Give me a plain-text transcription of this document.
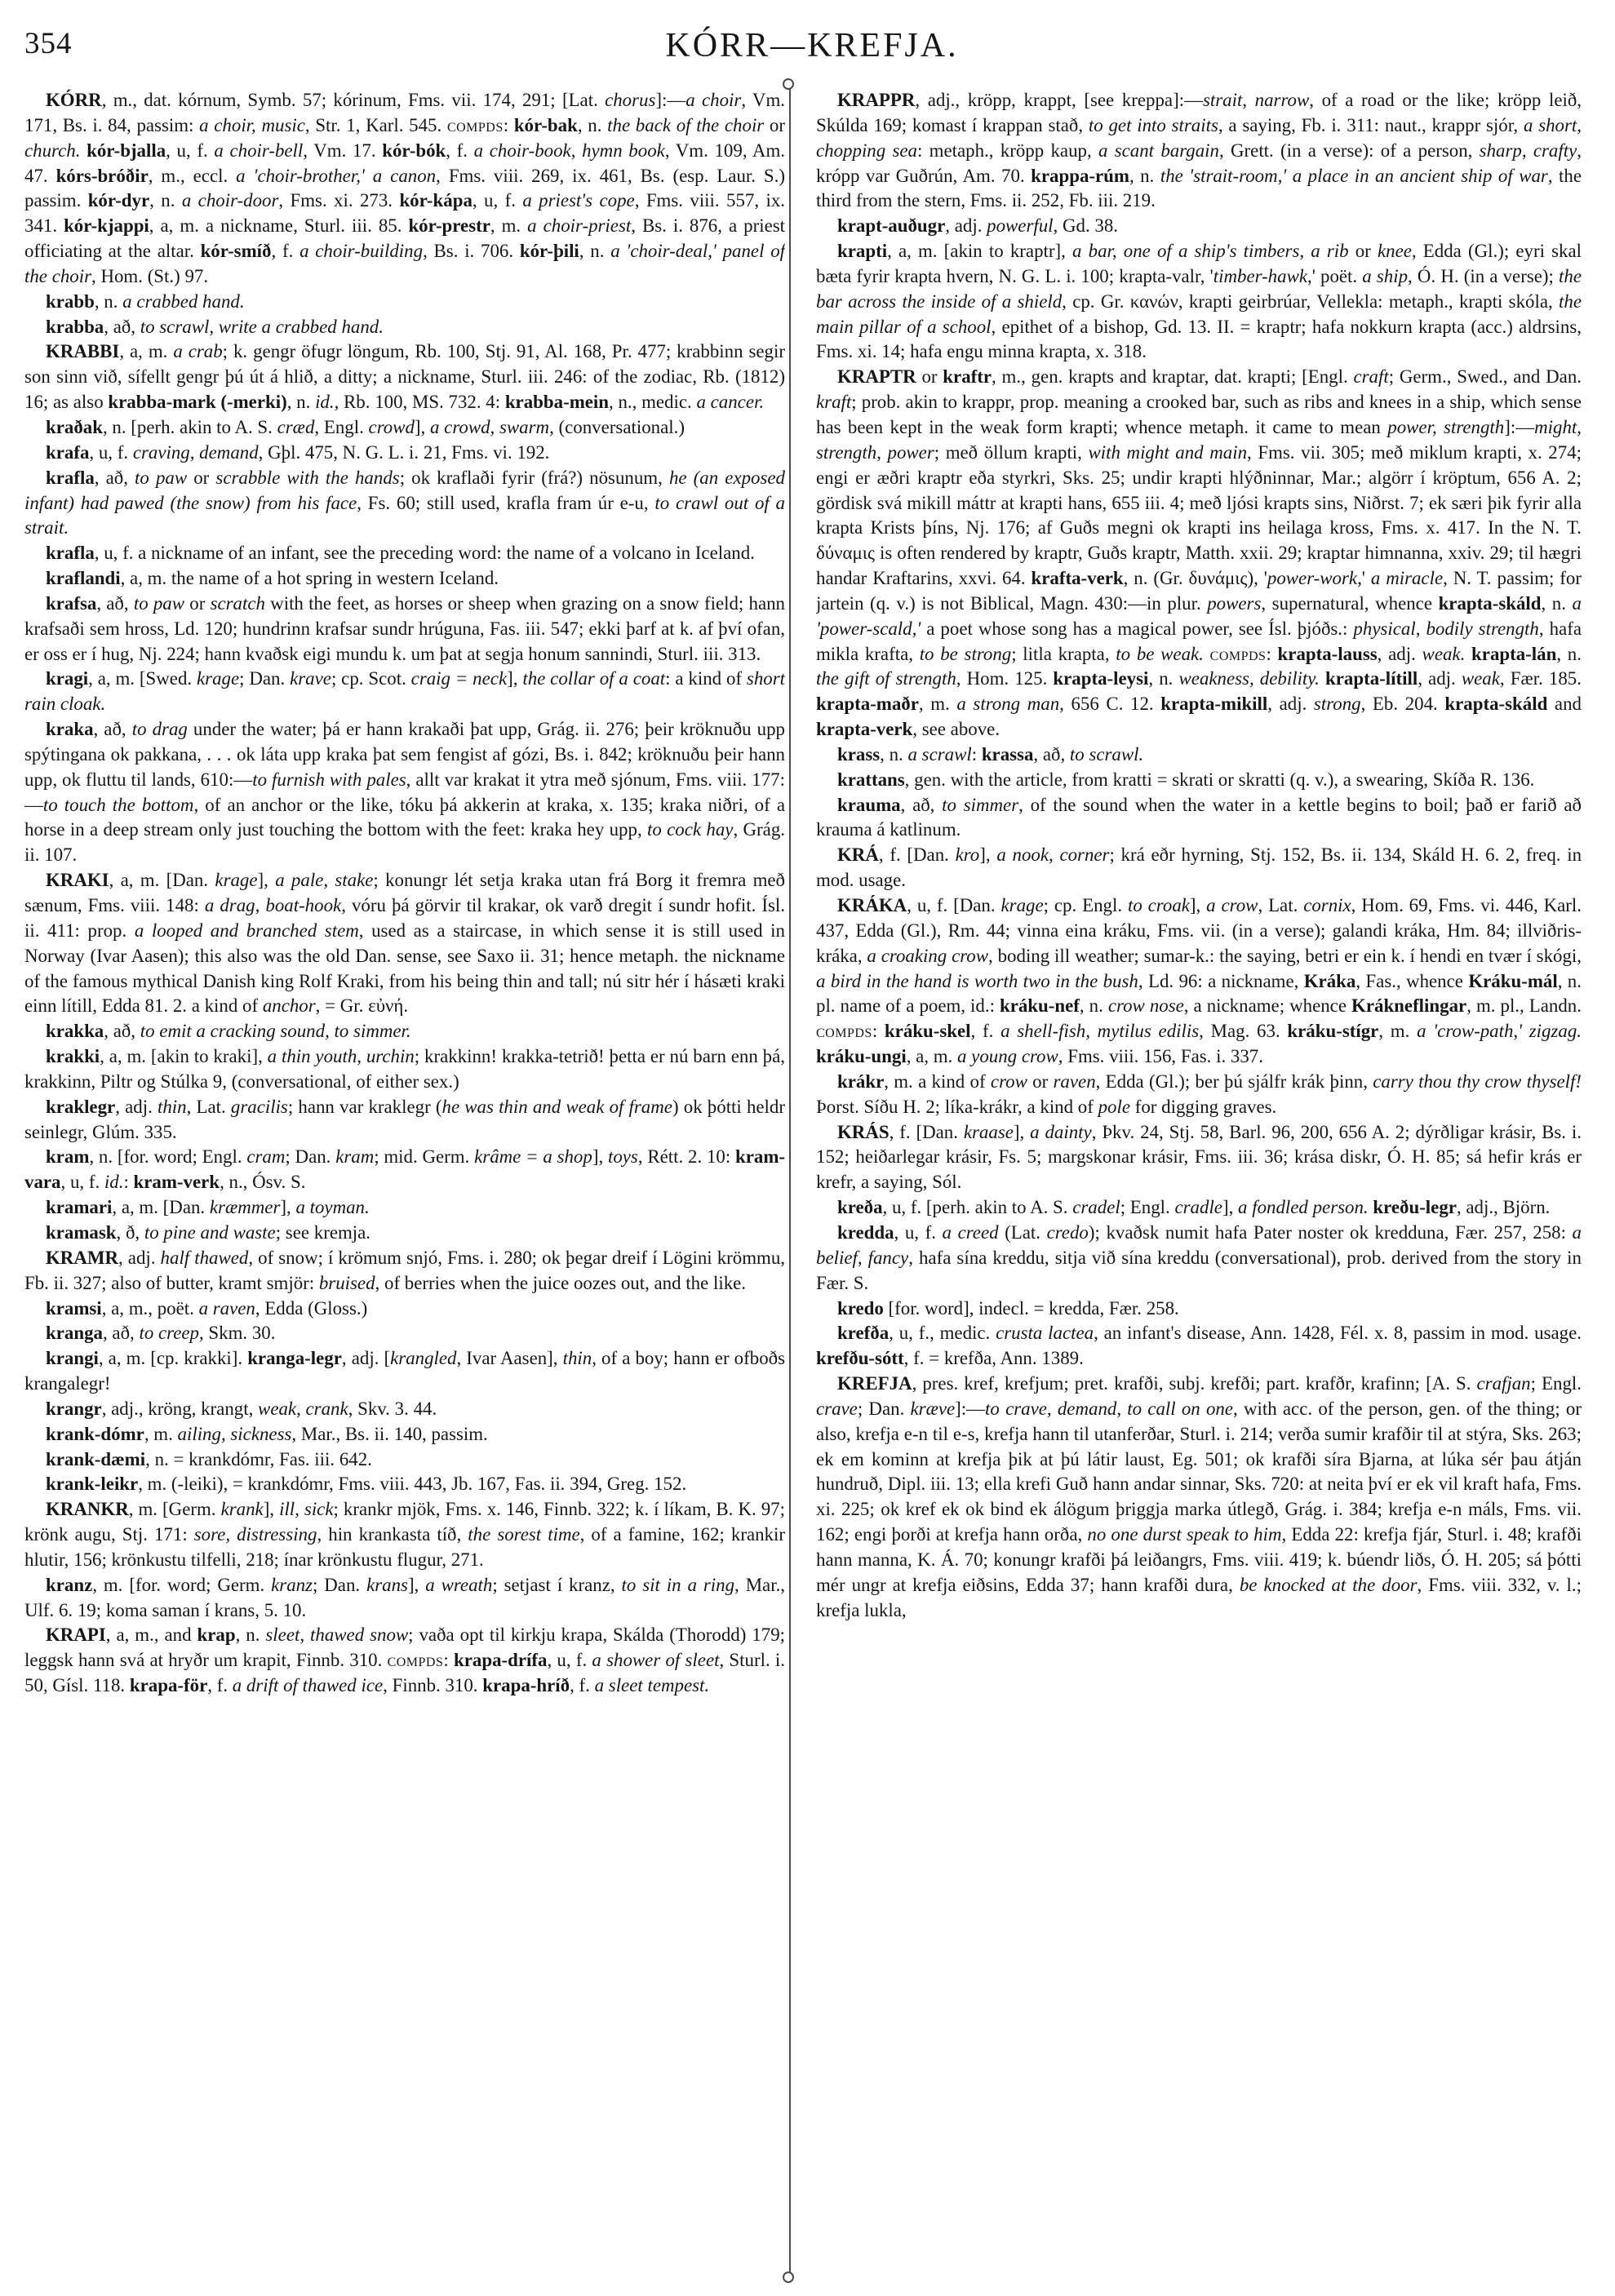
354	KÓRR—KREFJA.

KÓRR, m., dat. kórnum, Symb. 57; kórinum, Fms. vii. 174, 291; [Lat. chorus]:—a choir, Vm. 171, Bs. i. 84, passim: a choir, music, Str. 1, Karl. 545. compds: kór-bak, n. the back of the choir or church. kór-bjalla, u, f. a choir-bell, Vm. 17. kór-bók, f. a choir-book, hymn book, Vm. 109, Am. 47. kórs-bróðir, m., eccl. a 'choir-brother,' a canon, Fms. viii. 269, ix. 461, Bs. (esp. Laur. S.) passim. kór-dyr, n. a choir-door, Fms. xi. 273. kór-kápa, u, f. a priest's cope, Fms. viii. 557, ix. 341. kór-kjappi, a, m. a nickname, Sturl. iii. 85. kór-prestr, m. a choir-priest, Bs. i. 876, a priest officiating at the altar. kór-smíð, f. a choir-building, Bs. i. 706. kór-þili, n. a 'choir-deal,' panel of the choir, Hom. (St.) 97.

krabb, n. a crabbed hand.

krabba, að, to scrawl, write a crabbed hand.

KRABBI, a, m. a crab; k. gengr öfugr löngum, Rb. 100, Stj. 91, Al. 168, Pr. 477; krabbinn segir son sinn við, sífellt gengr þú út á hlið, a ditty; a nickname, Sturl. iii. 246: of the zodiac, Rb. (1812) 16; as also krabba-mark (-merki), n. id., Rb. 100, MS. 732. 4: krabba-mein, n., medic. a cancer.

kraðak, n. [perh. akin to A. S. cræd, Engl. crowd], a crowd, swarm, (conversational.)

krafa, u, f. craving, demand, Gþl. 475, N. G. L. i. 21, Fms. vi. 192.

krafla, að, to paw or scrabble with the hands; ok kraflaði fyrir (frá?) nösunum, he (an exposed infant) had pawed (the snow) from his face, Fs. 60; still used, krafla fram úr e-u, to crawl out of a strait.

krafla, u, f. a nickname of an infant, see the preceding word: the name of a volcano in Iceland.

kraflandi, a, m. the name of a hot spring in western Iceland.

krafsa, að, to paw or scratch with the feet, as horses or sheep when grazing on a snow field; hann krafsaði sem hross, Ld. 120; hundrinn krafsar sundr hrúguna, Fas. iii. 547; ekki þarf at k. af því ofan, er oss er í hug, Nj. 224; hann kvaðsk eigi mundu k. um þat at segja honum sannindi, Sturl. iii. 313.

kragi, a, m. [Swed. krage; Dan. krave; cp. Scot. craig = neck], the collar of a coat: a kind of short rain cloak.

kraka, að, to drag under the water; þá er hann krakaði þat upp, Grág. ii. 276; þeir kröknuðu upp spýtingana ok pakkana, . . . ok láta upp kraka þat sem fengist af gózi, Bs. i. 842; kröknuðu þeir hann upp, ok fluttu til lands, 610:—to furnish with pales, allt var krakat it ytra með sjónum, Fms. viii. 177:—to touch the bottom, of an anchor or the like, tóku þá akkerin at kraka, x. 135; kraka niðri, of a horse in a deep stream only just touching the bottom with the feet: kraka hey upp, to cock hay, Grág. ii. 107.

KRAKI, a, m. [Dan. krage], a pale, stake; konungr lét setja kraka utan frá Borg it fremra með sænum, Fms. viii. 148: a drag, boat-hook, vóru þá görvir til krakar, ok varð dregit í sundr hofit. Ísl. ii. 411: prop. a looped and branched stem, used as a staircase, in which sense it is still used in Norway (Ivar Aasen); this also was the old Dan. sense, see Saxo ii. 31; hence metaph. the nickname of the famous mythical Danish king Rolf Kraki, from his being thin and tall; nú sitr hér í hásæti kraki einn lítill, Edda 81. 2. a kind of anchor, = Gr. εὐνή.

krakka, að, to emit a cracking sound, to simmer.

krakki, a, m. [akin to kraki], a thin youth, urchin; krakkinn! krakka-tetrið! þetta er nú barn enn þá, krakkinn, Piltr og Stúlka 9, (conversational, of either sex.)

kraklegr, adj. thin, Lat. gracilis; hann var kraklegr (he was thin and weak of frame) ok þótti heldr seinlegr, Glúm. 335.

kram, n. [for. word; Engl. cram; Dan. kram; mid. Germ. krâme = a shop], toys, Rétt. 2. 10: kram-vara, u, f. id.: kram-verk, n., Ósv. S.

kramari, a, m. [Dan. kræmmer], a toyman.

kramask, ð, to pine and waste; see kremja.

KRAMR, adj. half thawed, of snow; í krömum snjó, Fms. i. 280; ok þegar dreif í Lögini krömmu, Fb. ii. 327; also of butter, kramt smjör: bruised, of berries when the juice oozes out, and the like.

kramsi, a, m., poët. a raven, Edda (Gloss.)

kranga, að, to creep, Skm. 30.

krangi, a, m. [cp. krakki]. kranga-legr, adj. [krangled, Ivar Aasen], thin, of a boy; hann er ofboðs krangalegr!

krangr, adj., kröng, krangt, weak, crank, Skv. 3. 44.

krank-dómr, m. ailing, sickness, Mar., Bs. ii. 140, passim.

krank-dæmi, n. = krankdómr, Fas. iii. 642.

krank-leikr, m. (-leiki), = krankdómr, Fms. viii. 443, Jb. 167, Fas. ii. 394, Greg. 152.

KRANKR, m. [Germ. krank], ill, sick; krankr mjök, Fms. x. 146, Finnb. 322; k. í líkam, B. K. 97; krönk augu, Stj. 171: sore, distressing, hin krankasta tíð, the sorest time, of a famine, 162; krankir hlutir, 156; krönkustu tilfelli, 218; ínar krönkustu flugur, 271.

kranz, m. [for. word; Germ. kranz; Dan. krans], a wreath; setjast í kranz, to sit in a ring, Mar., Ulf. 6. 19; koma saman í krans, 5. 10.

KRAPI, a, m., and krap, n. sleet, thawed snow; vaða opt til kirkju krapa, Skálda (Thorodd) 179; leggsk hann svá at hryðr um krapit, Finnb. 310. compds: krapa-drífa, u, f. a shower of sleet, Sturl. i. 50, Gísl. 118. krapa-för, f. a drift of thawed ice, Finnb. 310. krapa-hríð, f. a sleet tempest.

KRAPPR, adj., kröpp, krappt, [see kreppa]:—strait, narrow, of a road or the like; kröpp leið, Skúlda 169; komast í krappan stað, to get into straits, a saying, Fb. i. 311: naut., krappr sjór, a short, chopping sea: metaph., kröpp kaup, a scant bargain, Grett. (in a verse): of a person, sharp, crafty, krópp var Guðrún, Am. 70. krappa-rúm, n. the 'strait-room,' a place in an ancient ship of war, the third from the stern, Fms. ii. 252, Fb. iii. 219.

krapt-auðugr, adj. powerful, Gd. 38.

krapti, a, m. [akin to kraptr], a bar, one of a ship's timbers, a rib or knee, Edda (Gl.); eyri skal bæta fyrir krapta hvern, N. G. L. i. 100; krapta-valr, 'timber-hawk,' poët. a ship, Ó. H. (in a verse); the bar across the inside of a shield, cp. Gr. κανών, krapti geirbrúar, Vellekla: metaph., krapti skóla, the main pillar of a school, epithet of a bishop, Gd. 13. II. = kraptr; hafa nokkurn krapta (acc.) aldrsins, Fms. xi. 14; hafa engu minna krapta, x. 318.

KRAPTR or kraftr, m., gen. krapts and kraptar, dat. krapti; [Engl. craft; Germ., Swed., and Dan. kraft; prob. akin to krappr, prop. meaning a crooked bar, such as ribs and knees in a ship, which sense has been kept in the weak form krapti; whence metaph. it came to mean power, strength]:—might, strength, power; með öllum krapti, with might and main, Fms. vii. 305; með miklum krapti, x. 274; engi er æðri kraptr eða styrkri, Sks. 25; undir krapti hlýðninnar, Mar.; algörr í kröptum, 656 A. 2; gördisk svá mikill máttr at krapti hans, 655 iii. 4; með ljósi krapts sins, Niðrst. 7; ek særi þik fyrir alla krapta Krists þíns, Nj. 176; af Guðs megni ok krapti ins heilaga kross, Fms. x. 417. In the N. T. δύναμις is often rendered by kraptr, Guðs kraptr, Matth. xxii. 29; kraptar himnanna, xxiv. 29; til hægri handar Kraftarins, xxvi. 64. krafta-verk, n. (Gr. δυνάμις), 'power-work,' a miracle, N. T. passim; for jartein (q. v.) is not Biblical, Magn. 430:—in plur. powers, supernatural, whence krapta-skáld, n. a 'power-scald,' a poet whose song has a magical power, see Ísl. þjóðs.: physical, bodily strength, hafa mikla krafta, to be strong; litla krapta, to be weak. compds: krapta-lauss, adj. weak. krapta-lán, n. the gift of strength, Hom. 125. krapta-leysi, n. weakness, debility. krapta-lítill, adj. weak, Fær. 185. krapta-maðr, m. a strong man, 656 C. 12. krapta-mikill, adj. strong, Eb. 204. krapta-skáld and krapta-verk, see above.

krass, n. a scrawl: krassa, að, to scrawl.

krattans, gen. with the article, from kratti = skrati or skratti (q. v.), a swearing, Skíða R. 136.

krauma, að, to simmer, of the sound when the water in a kettle begins to boil; það er farið að krauma á katlinum.

KRÁ, f. [Dan. kro], a nook, corner; krá eðr hyrning, Stj. 152, Bs. ii. 134, Skáld H. 6. 2, freq. in mod. usage.

KRÁKA, u, f. [Dan. krage; cp. Engl. to croak], a crow, Lat. cornix, Hom. 69, Fms. vi. 446, Karl. 437, Edda (Gl.), Rm. 44; vinna eina kráku, Fms. vii. (in a verse); galandi kráka, Hm. 84; illviðris-kráka, a croaking crow, boding ill weather; sumar-k.: the saying, betri er ein k. í hendi en tvær í skógi, a bird in the hand is worth two in the bush, Ld. 96: a nickname, Kráka, Fas., whence Kráku-mál, n. pl. name of a poem, id.: kráku-nef, n. crow nose, a nickname; whence Krákneflingar, m. pl., Landn. compds: kráku-skel, f. a shell-fish, mytilus edilis, Mag. 63. kráku-stígr, m. a 'crow-path,' zigzag. kráku-ungi, a, m. a young crow, Fms. viii. 156, Fas. i. 337.

krákr, m. a kind of crow or raven, Edda (Gl.); ber þú sjálfr krák þinn, carry thou thy crow thyself! Þorst. Síðu H. 2; líka-krákr, a kind of pole for digging graves.

KRÁS, f. [Dan. kraase], a dainty, Þkv. 24, Stj. 58, Barl. 96, 200, 656 A. 2; dýrðligar krásir, Bs. i. 152; heiðarlegar krásir, Fs. 5; margskonar krásir, Fms. iii. 36; krása diskr, Ó. H. 85; sá hefir krás er krefr, a saying, Sól.

kreða, u, f. [perh. akin to A. S. cradel; Engl. cradle], a fondled person. kreðu-legr, adj., Björn.

kredda, u, f. a creed (Lat. credo); kvaðsk numit hafa Pater noster ok kredduna, Fær. 257, 258: a belief, fancy, hafa sína kreddu, sitja við sína kreddu (conversational), prob. derived from the story in Fær. S.

kredo [for. word], indecl. = kredda, Fær. 258.

krefða, u, f., medic. crusta lactea, an infant's disease, Ann. 1428, Fél. x. 8, passim in mod. usage. krefðu-sótt, f. = krefða, Ann. 1389.

KREFJA, pres. kref, krefjum; pret. krafði, subj. krefði; part. krafðr, krafinn; [A. S. crafjan; Engl. crave; Dan. kræve]:—to crave, demand, to call on one, with acc. of the person, gen. of the thing; or also, krefja e-n til e-s, krefja hann til utanferðar, Sturl. i. 214; verða sumir krafðir til at stýra, Sks. 263; ek em kominn at krefja þik at þú látir laust, Eg. 501; ok krafði síra Bjarna, at lúka sér þau átján hundruð, Dipl. iii. 13; ella krefi Guð hann andar sinnar, Sks. 720: at neita því er ek vil kraft hafa, Fms. xi. 225; ok kref ek ok bind ek álögum þriggja marka útlegð, Grág. i. 384; krefja e-n máls, Fms. vii. 162; engi þorði at krefja hann orða, no one durst speak to him, Edda 22: krefja fjár, Sturl. i. 48; krafði hann manna, K. Á. 70; konungr krafði þá leiðangrs, Fms. viii. 419; k. búendr liðs, Ó. H. 205; sá þótti mér ungr at krefja eiðsins, Edda 37; hann krafði dura, be knocked at the door, Fms. viii. 332, v. l.; krefja lukla,
